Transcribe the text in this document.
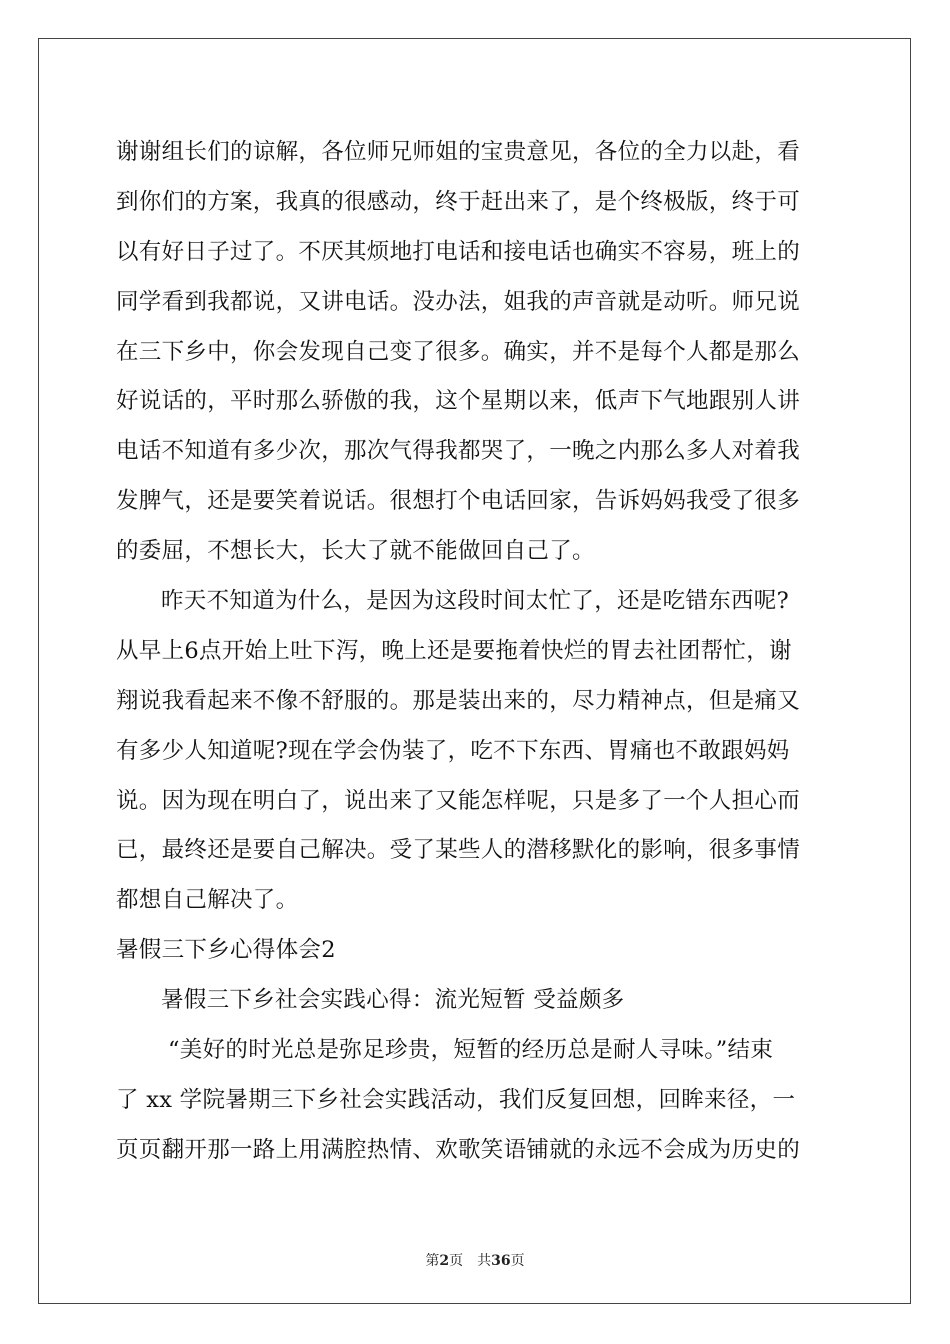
谢谢组长们的谅解，各位师兄师姐的宝贵意见，各位的全力以赴，看
到你们的方案，我真的很感动，终于赶出来了，是个终极版，终于可
以有好日子过了。不厌其烦地打电话和接电话也确实不容易，班上的
同学看到我都说，又讲电话。没办法，姐我的声音就是动听。师兄说
在三下乡中，你会发现自己变了很多。确实，并不是每个人都是那么
好说话的，平时那么骄傲的我，这个星期以来，低声下气地跟别人讲
电话不知道有多少次，那次气得我都哭了，一晚之内那么多人对着我
发脾气，还是要笑着说话。很想打个电话回家，告诉妈妈我受了很多
的委屈，不想长大，长大了就不能做回自己了。
昨天不知道为什么，是因为这段时间太忙了，还是吃错东西呢?
从早上6点开始上吐下泻，晚上还是要拖着快烂的胃去社团帮忙，谢
翔说我看起来不像不舒服的。那是装出来的，尽力精神点，但是痛又
有多少人知道呢?现在学会伪装了，吃不下东西、胃痛也不敢跟妈妈
说。因为现在明白了，说出来了又能怎样呢，只是多了一个人担心而
已，最终还是要自己解决。受了某些人的潜移默化的影响，很多事情
都想自己解决了。
暑假三下乡心得体会2
暑假三下乡社会实践心得：流光短暂 受益颇多
“美好的时光总是弥足珍贵，短暂的经历总是耐人寻味。”结束
了 xx 学院暑期三下乡社会实践活动，我们反复回想，回眸来径，一
页页翻开那一路上用满腔热情、欢歌笑语铺就的永远不会成为历史的
第2页　共36页
